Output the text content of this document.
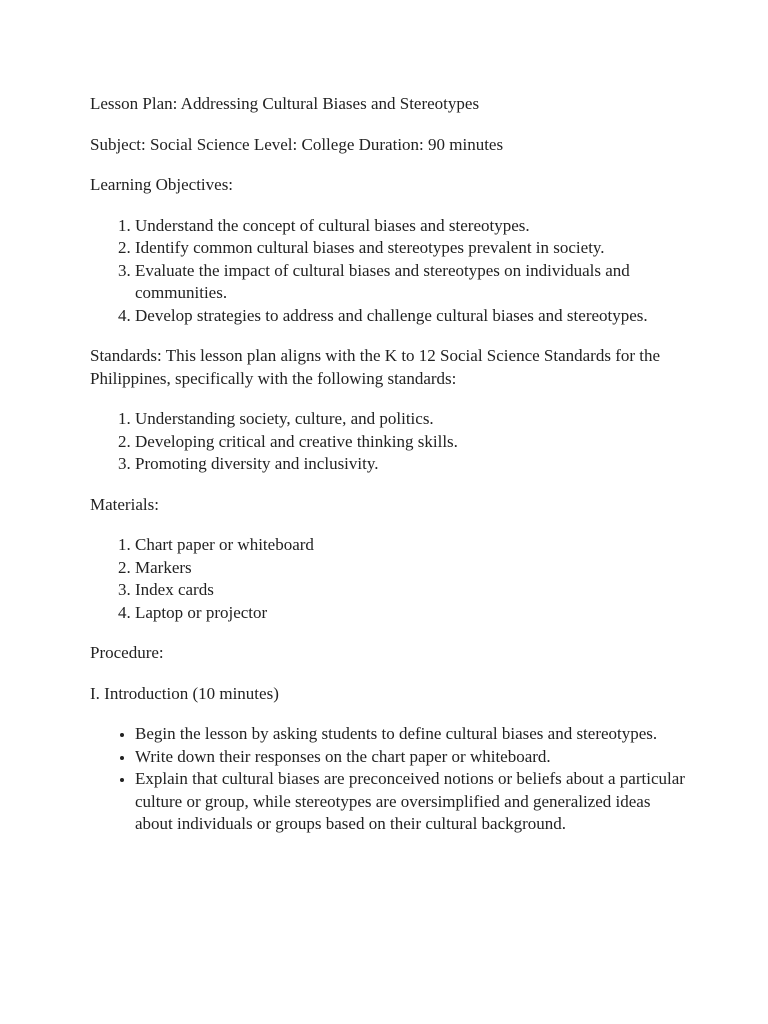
Lesson Plan: Addressing Cultural Biases and Stereotypes

Subject: Social Science Level: College Duration: 90 minutes

Learning Objectives:

1. Understand the concept of cultural biases and stereotypes.
2. Identify common cultural biases and stereotypes prevalent in society.
3. Evaluate the impact of cultural biases and stereotypes on individuals and communities.
4. Develop strategies to address and challenge cultural biases and stereotypes.

Standards: This lesson plan aligns with the K to 12 Social Science Standards for the Philippines, specifically with the following standards:

1. Understanding society, culture, and politics.
2. Developing critical and creative thinking skills.
3. Promoting diversity and inclusivity.

Materials:

1. Chart paper or whiteboard
2. Markers
3. Index cards
4. Laptop or projector

Procedure:

I. Introduction (10 minutes)

• Begin the lesson by asking students to define cultural biases and stereotypes.
• Write down their responses on the chart paper or whiteboard.
• Explain that cultural biases are preconceived notions or beliefs about a particular culture or group, while stereotypes are oversimplified and generalized ideas about individuals or groups based on their cultural background.
